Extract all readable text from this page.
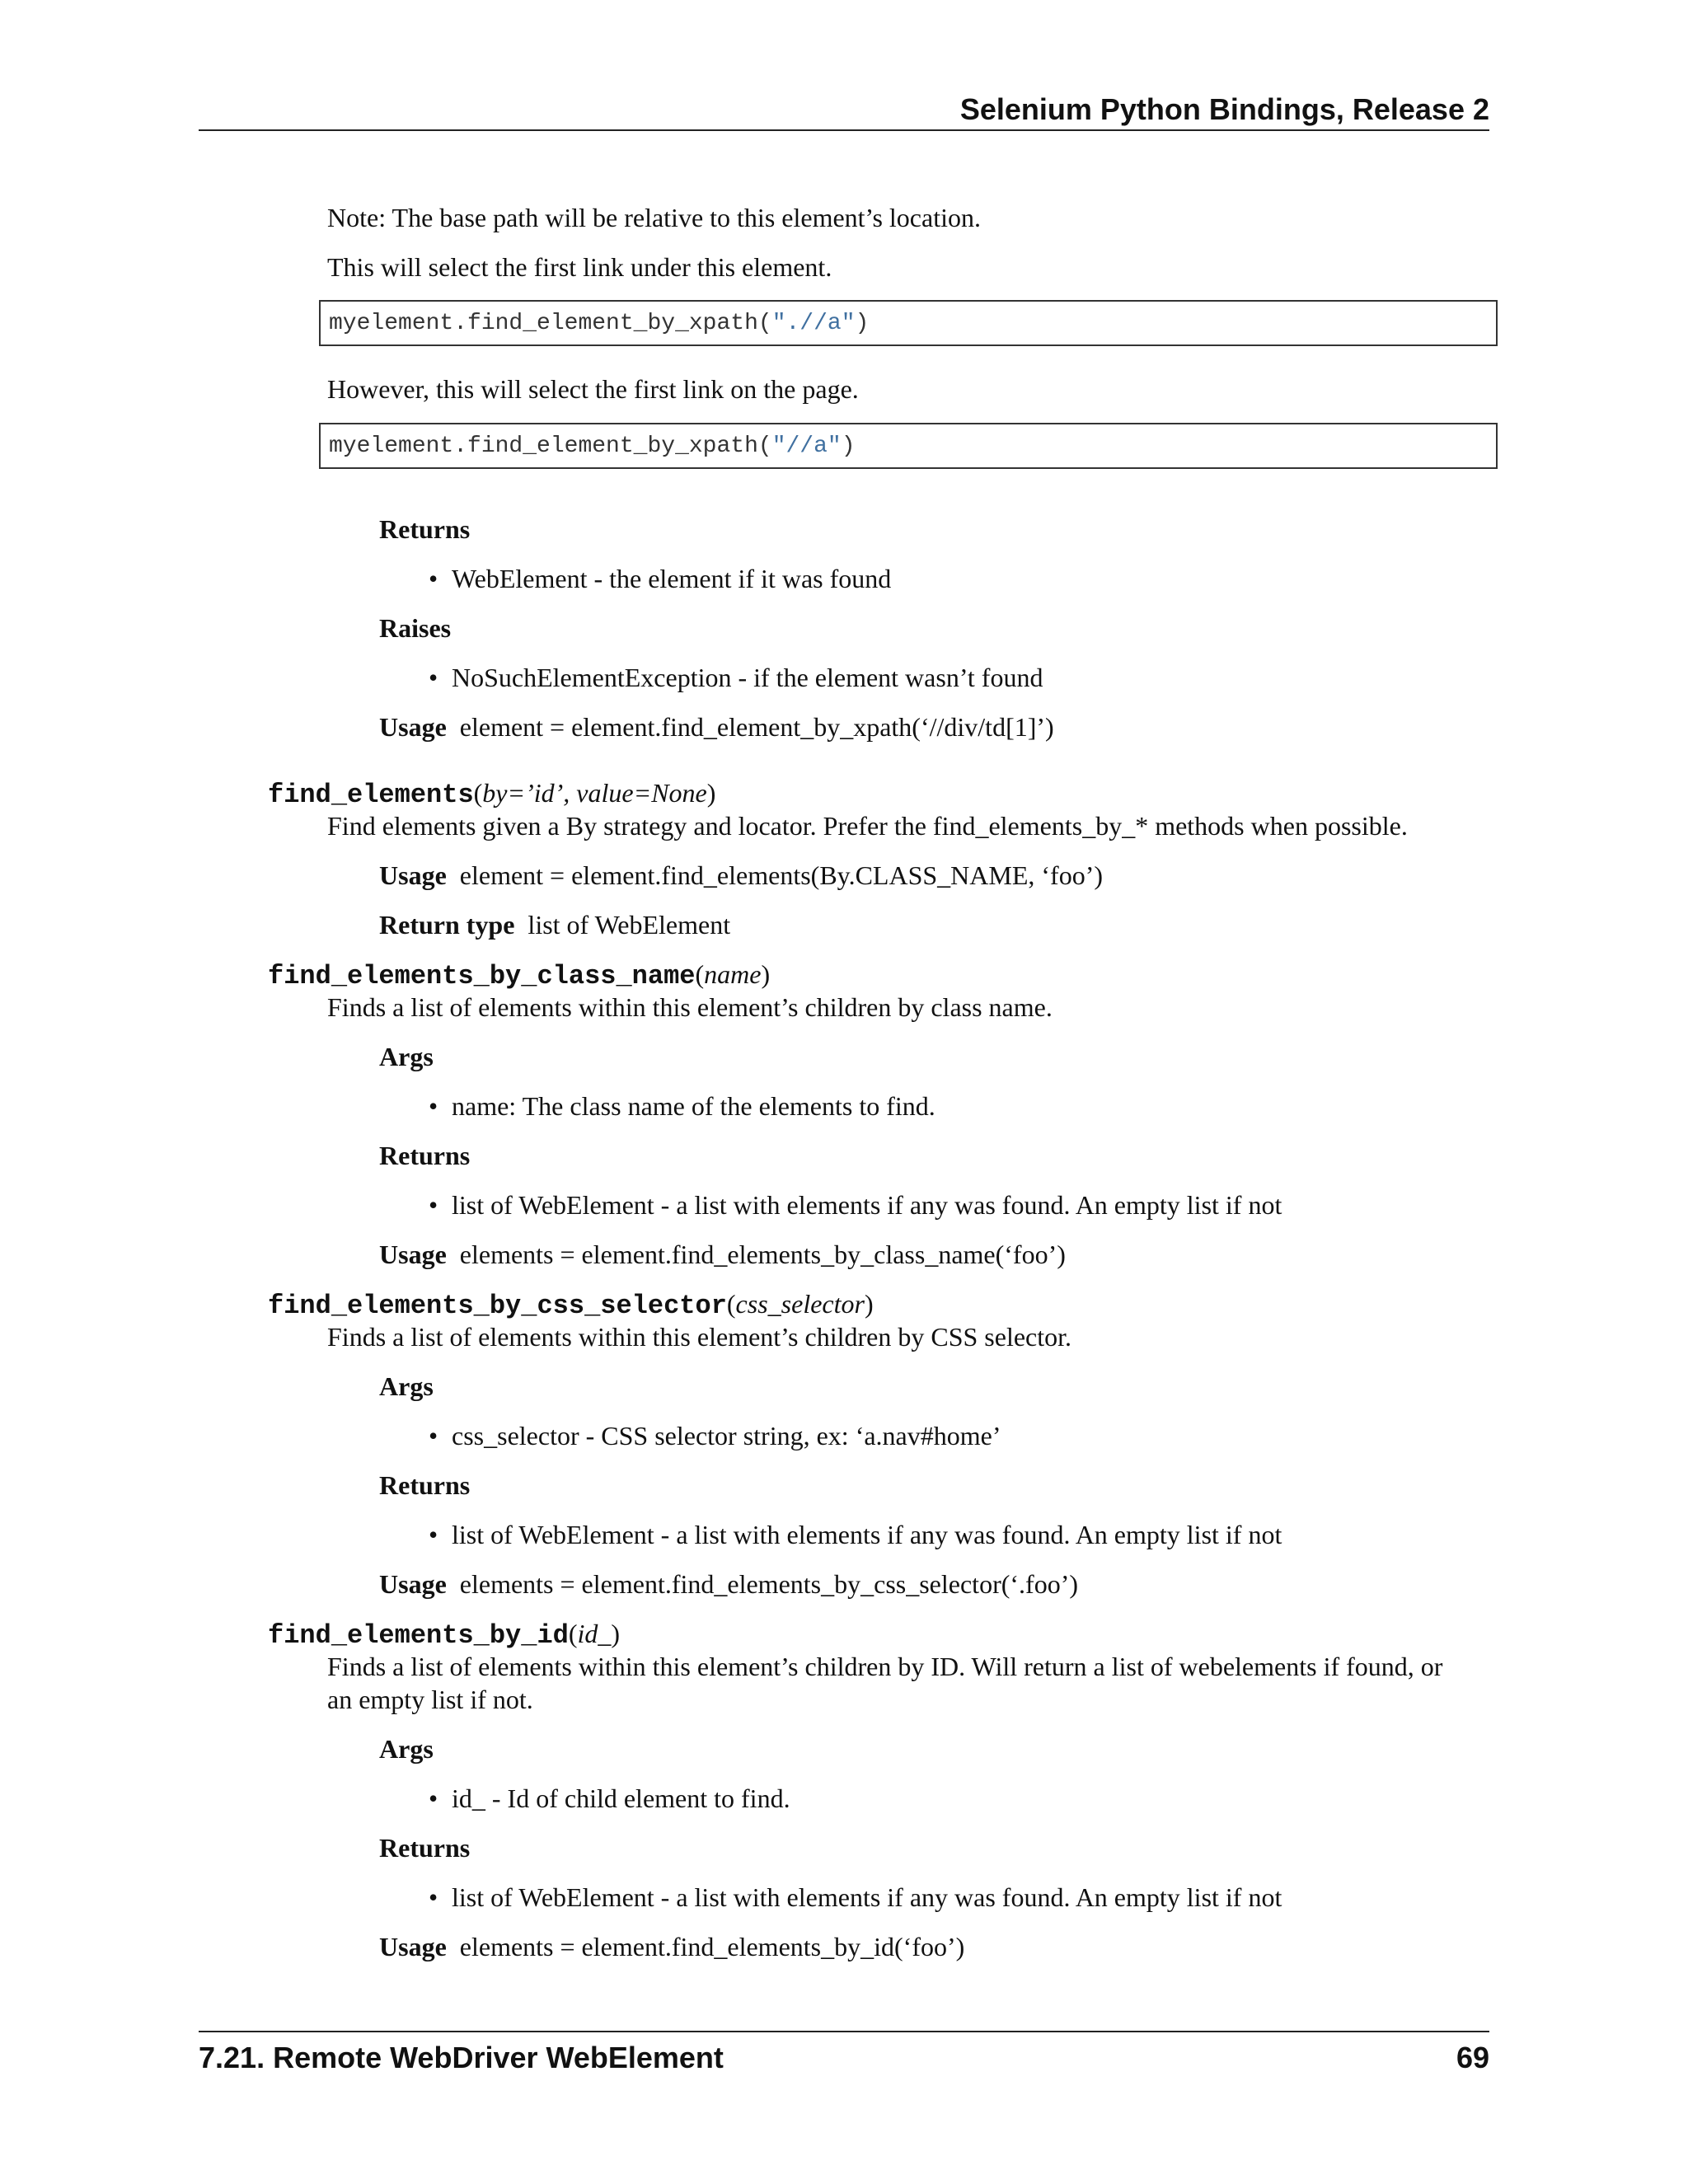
Selenium Python Bindings, Release 2
Note: The base path will be relative to this element’s location.
This will select the first link under this element.
myelement.find_element_by_xpath(".//a")
However, this will select the first link on the page.
myelement.find_element_by_xpath("//a")
Returns
• WebElement - the element if it was found
Raises
• NoSuchElementException - if the element wasn’t found
Usage element = element.find_element_by_xpath(‘//div/td[1]’)
find_elements(by=’id’, value=None)
Find elements given a By strategy and locator. Prefer the find_elements_by_* methods when possible.
Usage element = element.find_elements(By.CLASS_NAME, ‘foo’)
Return type list of WebElement
find_elements_by_class_name(name)
Finds a list of elements within this element’s children by class name.
Args
• name: The class name of the elements to find.
Returns
• list of WebElement - a list with elements if any was found. An empty list if not
Usage elements = element.find_elements_by_class_name(‘foo’)
find_elements_by_css_selector(css_selector)
Finds a list of elements within this element’s children by CSS selector.
Args
• css_selector - CSS selector string, ex: ‘a.nav#home’
Returns
• list of WebElement - a list with elements if any was found. An empty list if not
Usage elements = element.find_elements_by_css_selector(‘.foo’)
find_elements_by_id(id_)
Finds a list of elements within this element’s children by ID. Will return a list of webelements if found, or
an empty list if not.
Args
• id_ - Id of child element to find.
Returns
• list of WebElement - a list with elements if any was found. An empty list if not
Usage elements = element.find_elements_by_id(‘foo’)
7.21. Remote WebDriver WebElement	69
